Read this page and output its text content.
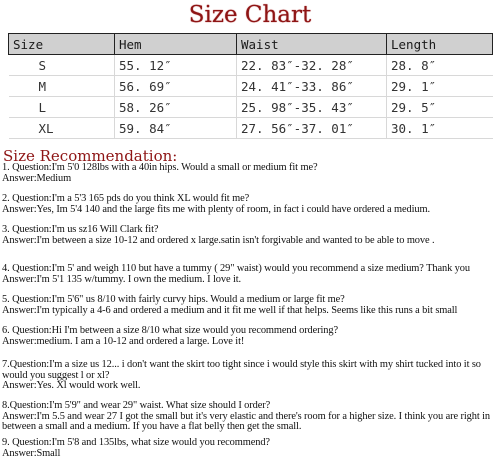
Size Chart
Size	Hem	Waist	Length
S	55. 12″	22. 83″-32. 28″	28. 8″
M	56. 69″	24. 41″-33. 86″	29. 1″
L	58. 26″	25. 98″-35. 43″	29. 5″
XL	59. 84″	27. 56″-37. 01″	30. 1″
Size Recommendation:
1. Question:I'm 5'0 128lbs with a 40in hips. Would a small or medium fit me?
Answer:Medium
2. Question:I'm a 5'3 165 pds do you think XL would fit me?
Answer:Yes, Im 5'4 140 and the large fits me with plenty of room, in fact i could have ordered a medium.
3. Question:I'm us sz16 Will Clark fit?
Answer:I'm between a size 10-12 and ordered x large.satin isn't forgivable and wanted to be able to move .
4. Question:I'm 5' and weigh 110 but have a tummy ( 29" waist) would you recommend a size medium? Thank you
Answer:I'm 5'1 135 w/tummy. I own the medium. I love it.
5. Question:I'm 5'6" us 8/10 with fairly curvy hips. Would a medium or large fit me?
Answer:I'm typically a 4-6 and ordered a medium and it fit me well if that helps. Seems like this runs a bit small
6. Question:Hi I'm between a size 8/10 what size would you recommend ordering?
Answer:medium. I am a 10-12 and ordered a large. Love it!
7.Question:I'm a size us 12... i don't want the skirt too tight since i would style this skirt with my shirt tucked into it so would you suggest l or xl?
Answer:Yes. Xl would work well.
8.Question:I'm 5'9" and wear 29" waist. What size should I order?
Answer:I'm 5.5 and wear 27 I got the small but it's very elastic and there's room for a higher size. I think you are right in between a small and a medium. If you have a flat belly then get the small.
9. Question:I'm 5'8 and 135lbs, what size would you recommend?
Answer:Small
